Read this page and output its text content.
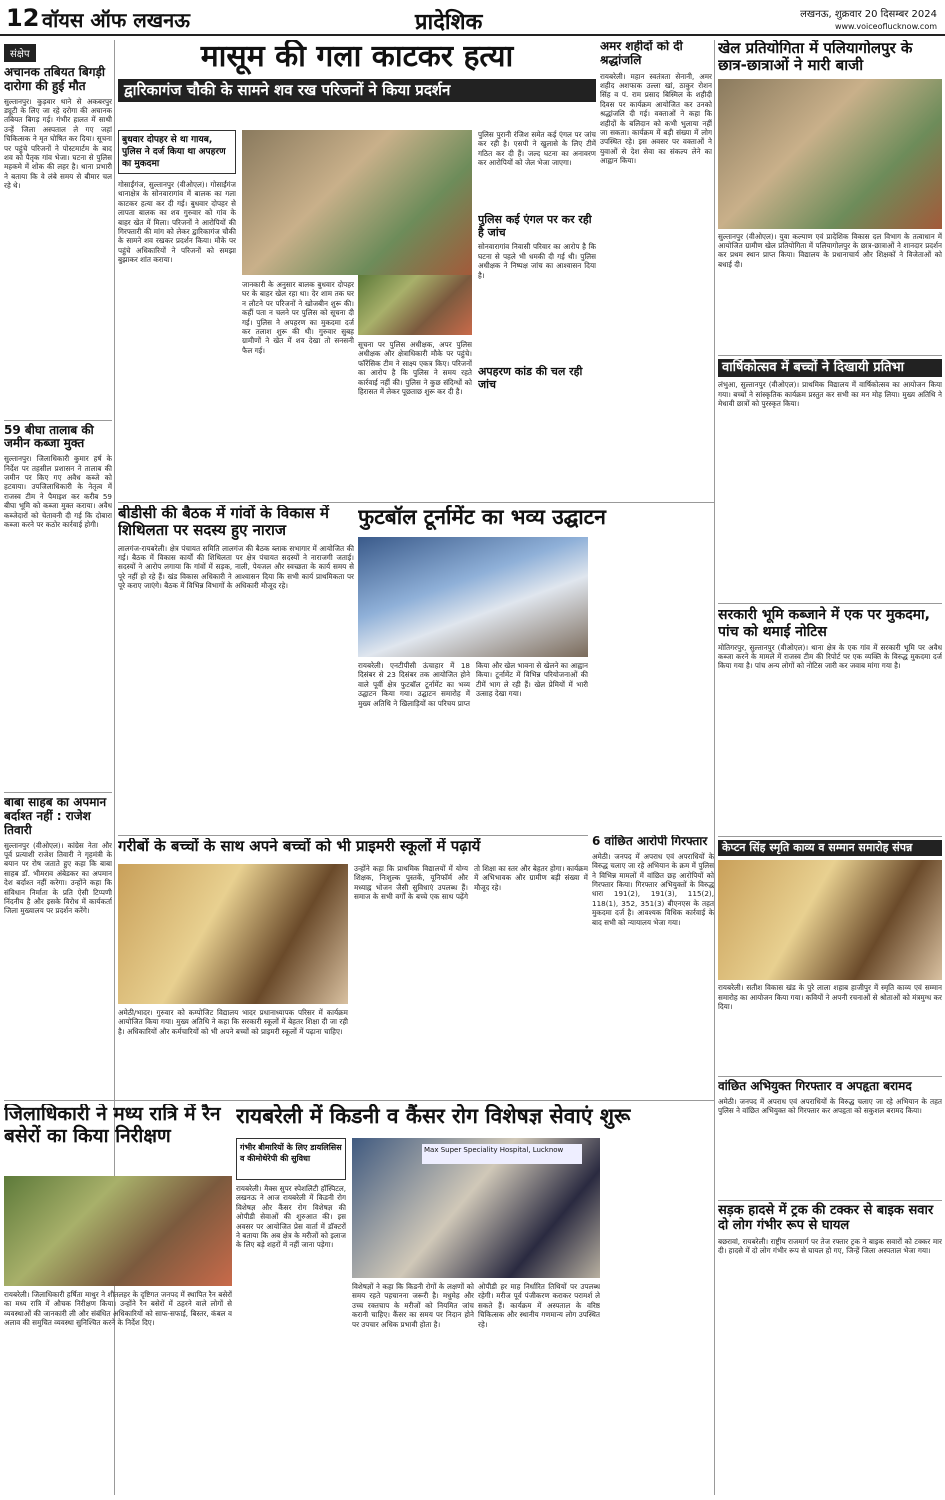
12 वॉयस ऑफ लखनऊ	प्रादेशिक	लखनऊ, शुक्रवार 20 दिसम्बर 2024
www.voiceoflucknow.com
संक्षेप
अचानक तबियत बिगड़ी दारोगा की हुई मौत
सुल्तानपुर। कुड़वार थाने से अकबरपुर ड्यूटी के लिए जा रहे दरोगा की अचानक तबियत बिगड़ गई। गंभीर हालत में साथी उन्हें जिला अस्पताल ले गए जहां चिकित्सक ने मृत घोषित कर दिया। सूचना पर पहुंचे परिजनों ने पोस्टमार्टम के बाद शव को पैतृक गांव भेजा। घटना से पुलिस महकमे में शोक की लहर है। थाना प्रभारी ने बताया कि वे लंबे समय से बीमार चल रहे थे।
59 बीघा तालाब की जमीन कब्जा मुक्त
सुल्तानपुर। जिलाधिकारी कुमार हर्ष के निर्देश पर तहसील प्रशासन ने तालाब की जमीन पर किए गए अवैध कब्जे को हटवाया। उपजिलाधिकारी के नेतृत्व में राजस्व टीम ने पैमाइश कर करीब 59 बीघा भूमि को कब्जा मुक्त कराया। अवैध कब्जेदारों को चेतावनी दी गई कि दोबारा कब्जा करने पर कठोर कार्रवाई होगी।
बाबा साहब का अपमान बर्दाश्त नहीं : राजेश तिवारी
सुल्तानपुर (वीओएल)। कांग्रेस नेता और पूर्व प्रत्याशी राजेश तिवारी ने गृहमंत्री के बयान पर रोष जताते हुए कहा कि बाबा साहब डॉ. भीमराव अंबेडकर का अपमान देश बर्दाश्त नहीं करेगा। उन्होंने कहा कि संविधान निर्माता के प्रति ऐसी टिप्पणी निंदनीय है और इसके विरोध में कार्यकर्ता जिला मुख्यालय पर प्रदर्शन करेंगे।
मासूम की गला काटकर हत्या
द्वारिकागंज चौकी के सामने शव रख परिजनों ने किया प्रदर्शन
बुधवार दोपहर से था गायब, पुलिस ने दर्ज किया था अपहरण का मुकदमा
गोसाईंगंज, सुल्तानपुर (वीओएल)। गोसाईंगंज थानाक्षेत्र के सोनवारागांव में बालक का गला काटकर हत्या कर दी गई। बुधवार दोपहर से लापता बालक का शव गुरुवार को गांव के बाहर खेत में मिला। परिजनों ने आरोपियों की गिरफ्तारी की मांग को लेकर द्वारिकागंज चौकी के सामने शव रखकर प्रदर्शन किया। मौके पर पहुंचे अधिकारियों ने परिजनों को समझा बुझाकर शांत कराया।
जानकारी के अनुसार बालक बुधवार दोपहर घर के बाहर खेल रहा था। देर शाम तक घर न लौटने पर परिजनों ने खोजबीन शुरू की। कहीं पता न चलने पर पुलिस को सूचना दी गई। पुलिस ने अपहरण का मुकदमा दर्ज कर तलाश शुरू की थी। गुरुवार सुबह ग्रामीणों ने खेत में शव देखा तो सनसनी फैल गई।
सूचना पर पुलिस अधीक्षक, अपर पुलिस अधीक्षक और क्षेत्राधिकारी मौके पर पहुंचे। फॉरेंसिक टीम ने साक्ष्य एकत्र किए। परिजनों का आरोप है कि पुलिस ने समय रहते कार्रवाई नहीं की। पुलिस ने कुछ संदिग्धों को हिरासत में लेकर पूछताछ शुरू कर दी है।
पुलिस पुरानी रंजिश समेत कई एंगल पर जांच कर रही है। एसपी ने खुलासे के लिए टीमें गठित कर दी हैं। जल्द घटना का अनावरण कर आरोपियों को जेल भेजा जाएगा।
पुलिस कई एंगल पर कर रही है जांच
सोनवारागांव निवासी परिवार का आरोप है कि घटना से पहले भी धमकी दी गई थी। पुलिस अधीक्षक ने निष्पक्ष जांच का आश्वासन दिया है।
अपहरण कांड की चल रही जांच
अमर शहीदों को दी श्रद्धांजलि
रायबरेली। महान स्वतंत्रता सेनानी, अमर शहीद अशफाक उल्ला खां, ठाकुर रोशन सिंह व पं. राम प्रसाद बिस्मिल के शहीदी दिवस पर कार्यक्रम आयोजित कर उनको श्रद्धांजलि दी गई। वक्ताओं ने कहा कि शहीदों के बलिदान को कभी भुलाया नहीं जा सकता। कार्यक्रम में बड़ी संख्या में लोग उपस्थित रहे। इस अवसर पर वक्ताओं ने युवाओं से देश सेवा का संकल्प लेने का आह्वान किया।
बीडीसी की बैठक में गांवों के विकास में शिथिलता पर सदस्य हुए नाराज
लालगंज-रायबरेली। क्षेत्र पंचायत समिति लालगंज की बैठक ब्लाक सभागार में आयोजित की गई। बैठक में विकास कार्यों की शिथिलता पर क्षेत्र पंचायत सदस्यों ने नाराजगी जताई। सदस्यों ने आरोप लगाया कि गांवों में सड़क, नाली, पेयजल और स्वच्छता के कार्य समय से पूरे नहीं हो रहे हैं। खंड विकास अधिकारी ने आश्वासन दिया कि सभी कार्य प्राथमिकता पर पूरे कराए जाएंगे। बैठक में विभिन्न विभागों के अधिकारी मौजूद रहे।
फुटबॉल टूर्नामेंट का भव्य उद्घाटन
रायबरेली। एनटीपीसी ऊंचाहार में 18 दिसंबर से 23 दिसंबर तक आयोजित होने वाले पूर्वी क्षेत्र फुटबॉल टूर्नामेंट का भव्य उद्घाटन किया गया। उद्घाटन समारोह में मुख्य अतिथि ने खिलाड़ियों का परिचय प्राप्त किया और खेल भावना से खेलने का आह्वान किया। टूर्नामेंट में विभिन्न परियोजनाओं की टीमें भाग ले रही हैं। खेल प्रेमियों में भारी उत्साह देखा गया।
6 वांछित आरोपी गिरफ्तार
अमेठी। जनपद में अपराध एवं अपराधियों के विरुद्ध चलाए जा रहे अभियान के क्रम में पुलिस ने विभिन्न मामलों में वांछित छह आरोपियों को गिरफ्तार किया। गिरफ्तार अभियुक्तों के विरुद्ध धारा 191(2), 191(3), 115(2), 118(1), 352, 351(3) बीएनएस के तहत मुकदमा दर्ज है। आवश्यक विधिक कार्रवाई के बाद सभी को न्यायालय भेजा गया।
गरीबों के बच्चों के साथ अपने बच्चों को भी प्राइमरी स्कूलों में पढ़ायें
अमेठी/भादर। गुरुवार को कम्पोजिट विद्यालय भादर प्रधानाध्यापक परिसर में कार्यक्रम आयोजित किया गया। मुख्य अतिथि ने कहा कि सरकारी स्कूलों में बेहतर शिक्षा दी जा रही है। अधिकारियों और कर्मचारियों को भी अपने बच्चों को प्राइमरी स्कूलों में पढ़ाना चाहिए।
उन्होंने कहा कि प्राथमिक विद्यालयों में योग्य शिक्षक, निःशुल्क पुस्तकें, यूनिफॉर्म और मध्याह्न भोजन जैसी सुविधाएं उपलब्ध हैं। समाज के सभी वर्गों के बच्चे एक साथ पढ़ेंगे तो शिक्षा का स्तर और बेहतर होगा। कार्यक्रम में अभिभावक और ग्रामीण बड़ी संख्या में मौजूद रहे।
जिलाधिकारी ने मध्य रात्रि में रैन बसेरों का किया निरीक्षण
रायबरेली। जिलाधिकारी हर्षिता माथुर ने शीतलहर के दृष्टिगत जनपद में स्थापित रैन बसेरों का मध्य रात्रि में औचक निरीक्षण किया। उन्होंने रैन बसेरों में ठहरने वाले लोगों से व्यवस्थाओं की जानकारी ली और संबंधित अधिकारियों को साफ-सफाई, बिस्तर, कंबल व अलाव की समुचित व्यवस्था सुनिश्चित करने के निर्देश दिए।
रायबरेली में किडनी व कैंसर रोग विशेषज्ञ सेवाएं शुरू
गंभीर बीमारियों के लिए डायलिसिस व कीमोथेरेपी की सुविधा
रायबरेली। मैक्स सुपर स्पेशलिटी हॉस्पिटल, लखनऊ ने आज रायबरेली में किडनी रोग विशेषज्ञ और कैंसर रोग विशेषज्ञ की ओपीडी सेवाओं की शुरुआत की। इस अवसर पर आयोजित प्रेस वार्ता में डॉक्टरों ने बताया कि अब क्षेत्र के मरीजों को इलाज के लिए बड़े शहरों में नहीं जाना पड़ेगा।
Max Super Speciality Hospital, Lucknow
विशेषज्ञों ने कहा कि किडनी रोगों के लक्षणों को समय रहते पहचानना जरूरी है। मधुमेह और उच्च रक्तचाप के मरीजों को नियमित जांच करानी चाहिए। कैंसर का समय पर निदान होने पर उपचार अधिक प्रभावी होता है।
ओपीडी हर माह निर्धारित तिथियों पर उपलब्ध रहेगी। मरीज पूर्व पंजीकरण कराकर परामर्श ले सकते हैं। कार्यक्रम में अस्पताल के वरिष्ठ चिकित्सक और स्थानीय गणमान्य लोग उपस्थित रहे।
खेल प्रतियोगिता में पलियागोलपुर के छात्र-छात्राओं ने मारी बाजी
सुल्तानपुर (वीओएल)। युवा कल्याण एवं प्रादेशिक विकास दल विभाग के तत्वाधान में आयोजित ग्रामीण खेल प्रतियोगिता में पलियागोलपुर के छात्र-छात्राओं ने शानदार प्रदर्शन कर प्रथम स्थान प्राप्त किया। विद्यालय के प्रधानाचार्य और शिक्षकों ने विजेताओं को बधाई दी।
वार्षिकोत्सव में बच्चों ने दिखायी प्रतिभा
लंभुआ, सुल्तानपुर (वीओएल)। प्राथमिक विद्यालय में वार्षिकोत्सव का आयोजन किया गया। बच्चों ने सांस्कृतिक कार्यक्रम प्रस्तुत कर सभी का मन मोह लिया। मुख्य अतिथि ने मेधावी छात्रों को पुरस्कृत किया।
सरकारी भूमि कब्जाने में एक पर मुकदमा, पांच को थमाई नोटिस
मोतिगरपुर, सुल्तानपुर (वीओएल)। थाना क्षेत्र के एक गांव में सरकारी भूमि पर अवैध कब्जा करने के मामले में राजस्व टीम की रिपोर्ट पर एक व्यक्ति के विरुद्ध मुकदमा दर्ज किया गया है। पांच अन्य लोगों को नोटिस जारी कर जवाब मांगा गया है।
केप्टन सिंह स्मृति काव्य व सम्मान समारोह संपन्न
रायबरेली। सतीश विकास खंड के पुरे लाला शहाब हाजीपुर में स्मृति काव्य एवं सम्मान समारोह का आयोजन किया गया। कवियों ने अपनी रचनाओं से श्रोताओं को मंत्रमुग्ध कर दिया।
वांछित अभियुक्त गिरफ्तार व अपहृता बरामद
अमेठी। जनपद में अपराध एवं अपराधियों के विरुद्ध चलाए जा रहे अभियान के तहत पुलिस ने वांछित अभियुक्त को गिरफ्तार कर अपहृता को सकुशल बरामद किया।
सड़क हादसे में ट्रक की टक्कर से बाइक सवार दो लोग गंभीर रूप से घायल
बछरावां, रायबरेली। राष्ट्रीय राजमार्ग पर तेज रफ्तार ट्रक ने बाइक सवारों को टक्कर मार दी। हादसे में दो लोग गंभीर रूप से घायल हो गए, जिन्हें जिला अस्पताल भेजा गया।
